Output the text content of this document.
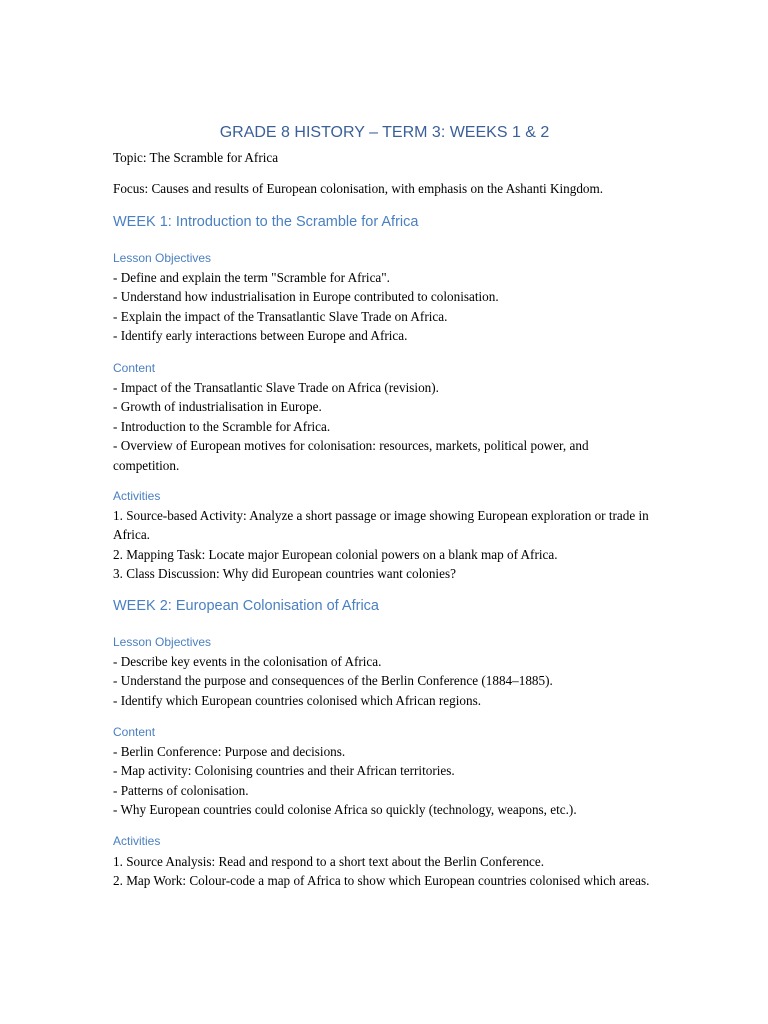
GRADE 8 HISTORY – TERM 3: WEEKS 1 & 2

Topic: The Scramble for Africa

Focus: Causes and results of European colonisation, with emphasis on the Ashanti Kingdom.

WEEK 1: Introduction to the Scramble for Africa
Lesson Objectives
- Define and explain the term "Scramble for Africa".
- Understand how industrialisation in Europe contributed to colonisation.
- Explain the impact of the Transatlantic Slave Trade on Africa.
- Identify early interactions between Europe and Africa.
Content
- Impact of the Transatlantic Slave Trade on Africa (revision).
- Growth of industrialisation in Europe.
- Introduction to the Scramble for Africa.
- Overview of European motives for colonisation: resources, markets, political power, and competition.
Activities
1. Source-based Activity: Analyze a short passage or image showing European exploration or trade in Africa.
2. Mapping Task: Locate major European colonial powers on a blank map of Africa.
3. Class Discussion: Why did European countries want colonies?
WEEK 2: European Colonisation of Africa
Lesson Objectives
- Describe key events in the colonisation of Africa.
- Understand the purpose and consequences of the Berlin Conference (1884–1885).
- Identify which European countries colonised which African regions.
Content
- Berlin Conference: Purpose and decisions.
- Map activity: Colonising countries and their African territories.
- Patterns of colonisation.
- Why European countries could colonise Africa so quickly (technology, weapons, etc.).
Activities
1. Source Analysis: Read and respond to a short text about the Berlin Conference.
2. Map Work: Colour-code a map of Africa to show which European countries colonised which areas.
